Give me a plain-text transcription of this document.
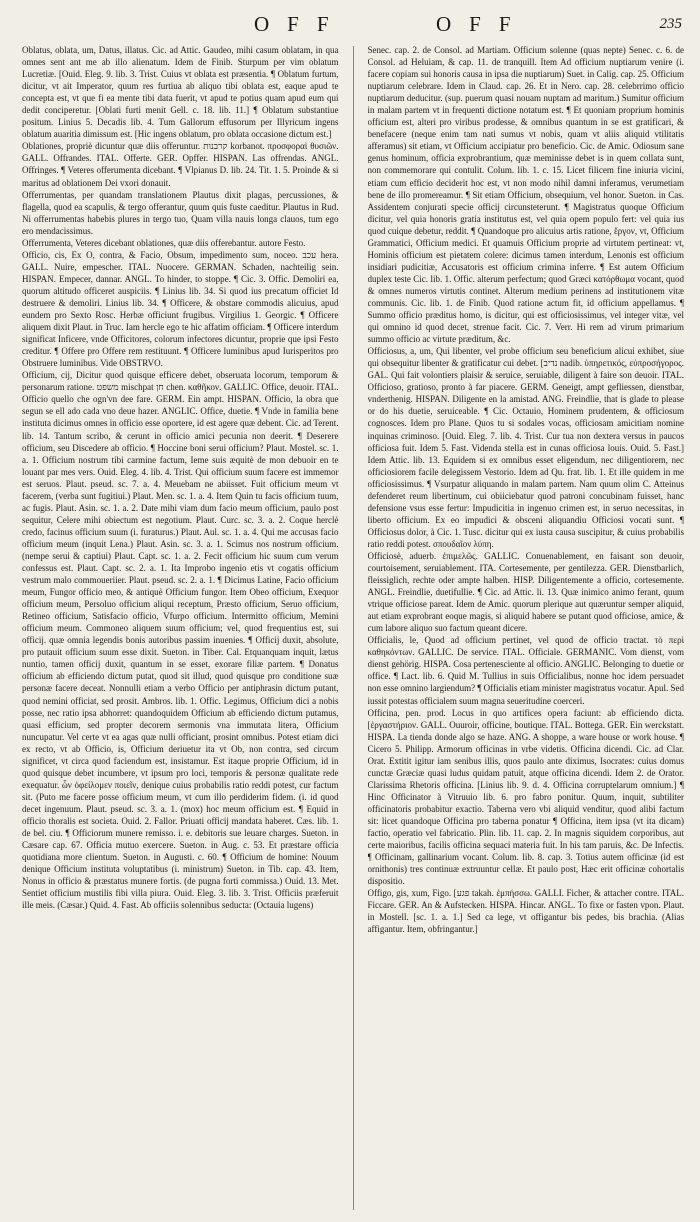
OFF	OFF	235

Oblatus, oblata, um, Datus, illatus. Cic. ad Attic. Gaudeo, mihi casum oblatam, in qua omnes sent ant me ab illo alienatum. Idem de Finib. Sturpum per vim oblatum Lucretiæ. [Ouid. Eleg. 9. lib. 3. Trist. Cuius vt oblata est præsentia. ¶ Oblatum furtum, dicitur, vt ait Imperator, quum res furtiua ab aliquo tibi oblata est, eaque apud te concepta est, vt que fi ea mente tibi data fuerit, vt apud te potius quam apud eum qui dedit conciperetur. [Oblati furti menit Gell. c. 18. lib. 11.] ¶ Oblatum substantiue positum. Linius 5. Decadis lib. 4. Tum Gallorum effusorum per Illyricum ingens oblatum auaritia dimissum est. [Hic ingens oblatum, pro oblata occasione dictum est.]

Oblationes, propriè dicuntur quæ diis offeruntur. קרבנות korbanot. προσφοραὶ θυσιῶν. GALL. Offrandes. ITAL. Offerte. GER. Opffer. HISPAN. Las offrendas. ANGL. Offringes. ¶ Veteres offerumenta dicebant. ¶ Vlpianus D. lib. 24. Tit. 1. 5. Proinde & si maritus ad oblationem Dei vxori donauit.

Offerrumentas, per quandam translationem Plautus dixit plagas, percussiones, & flagella, quod ea scapulis, & tergo offerantur, quum quis fuste caeditur. Plautus in Rud. Ni offerrumentas habebis plures in tergo tuo, Quam villa nauis longa clauos, tum ego ero mendacissimus.

Offerrumenta, Veteres dicebant oblationes, quæ diis offerebantur. autore Festo.

Officio, cis, Ex O, contra, & Facio, Obsum, impedimento sum, noceo. עכב hera. GALL. Nuire, empescher. ITAL. Nuocere. GERMAN. Schaden, nachteilig sein. HISPAN. Empecer, dannar. ANGL. To hinder, to stoppe. ¶ Cic. 3. Offic. Demoliri ea, quorum altitudo officeret auspiciis. ¶ Linius lib. 34. Si quod ius precatum officiet Id destruere & demoliri. Linius lib. 34. ¶ Officere, & obstare commodis alicuius, apud eundem pro Sexto Rosc. Herbæ officiunt frugibus. Virgilius 1. Georgic. ¶ Officere aliquem dixit Plaut. in Truc. Iam hercle ego te hic affatim officiam. ¶ Officere interdum significat Inficere, vnde Officitores, colorum infectores dicuntur, proprie que ipsi Festo creditur. ¶ Offere pro Offere rem restituunt. ¶ Officere luminibus apud Iurisperitos pro Obstruere luminibus. Vide OBSTRVO.

Officium, cij, Dicitur quod quisque efficere debet, obseruata locorum, temporum & personarum ratione. משפט mischpat חן chen. καθῆκον. GALLIC. Office, deuoir. ITAL. Officio quello che ogn'vn dee fare. GERM. Ein ampt. HISPAN. Officio, la obra que segun se ell ado cada vno deue hazer. ANGLIC. Office, duetie. ¶ Vnde in familia bene instituta dicimus omnes in officio esse oportere, id est agere quæ debent. Cic. ad Terent. lib. 14. Tantum scribo, & cerunt in officio amici pecunia non deerit. ¶ Deserere officium, seu Discedere ab officio. ¶ Hoccine boni serui officium? Plaut. Mostel. sc. 1. a. 1. Officium nostrum tibi carmine factum, Ieme suis æquitè de mon debuoir en te louant par mes vers. Ouid. Eleg. 4. lib. 4. Trist. Qui officium suum facere est immemor est seruos. Plaut. pseud. sc. 7. a. 4. Meuebam ne abiisset. Fuit officium meum vt facerem, (verba sunt fugitiui.) Plaut. Men. sc. 1. a. 4. Item Quin tu facis officium tuum, ac fugis. Plaut. Asin. sc. 1. a. 2. Date mihi viam dum facio meum officium, paulo post sequitur, Celere mihi obiectum est negotium. Plaut. Curc. sc. 3. a. 2. Coque herclè credo, facinus officium suum (i. furaturus.) Plaut. Aul. sc. 1. a. 4. Qui me accusas facio officium meum (inquit Lena.) Plaut. Asin. sc. 3. a. 1. Scimus nos nostrum officium. (nempe serui & captiui) Plaut. Capt. sc. 1. a. 2. Fecit officium hic suum cum verum confessus est. Plaut. Capt. sc. 2. a. 1. Ita Improbo ingenio etis vt cogatis officium vestrum malo commoueriier. Plaut. pseud. sc. 2. a. 1. ¶ Dicimus Latine, Facio officium meum, Fungor officio meo, & antiquè Officium fungor. Item Obeo officium, Exequor officium meum, Persoluo officium aliqui receptum, Præsto officium, Seruo officium, Retineo officium, Satisfacio officio, Vfurpo officium. Intermitto officium, Memini officium meum. Commoneo aliquem suum officium; vel, quod frequentius est, sui officij. quæ omnia legendis bonis autoribus passim inuenies. ¶ Officij duxit, absolute, pro putauit officium suum esse dixit. Sueton. in Tiber. Cal. Etquanquam inquit, lætus nuntio, tamen officij duxit, quantum in se esset, exorare filiæ partem. ¶ Donatus officium ab efficiendo dictum putat, quod sit illud, quod quisque pro conditione suæ personæ facere deceat. Nonnulli etiam a verbo Officio per antiphrasin dictum putant, quod nemini officiat, sed prosit. Ambros. lib. 1. Offic. Legimus, Officium dici a nobis posse, nec ratio ipsa abhorret: quandoquidem Officium ab efficiendo dictum putamus, quasi efficium, sed propter decorem sermonis vna immutata litera, Officium nuncupatur. Vel certe vt ea agas quæ nulli officiant, prosint omnibus. Potest etiam dici ex recto, vt ab Officio, is, Officium deriuetur ita vt Ob, non contra, sed circum significet, vt circa quod faciendum est, insistamur. Est itaque proprie Officium, id in quod quisque debet incumbere, vt ipsum pro loci, temporis & personæ qualitate rede exequatur. ὧν ὀφείλομεν ποιεῖν, denique cuius probabilis ratio reddi potest, cur factum sit. (Puto me facere posse officium meum, vt cum illo perdiderim fidem. (i. id quod decet ingenuum. Plaut. pseud. sc. 3. a. 1. (mox) hoc meum officium est. ¶ Equid in officio thoralis est societa. Ouid. 2. Fallor. Priuati officij mandata haberet. Cæs. lib. 1. de bel. ciu. ¶ Officiorum munere remisso. i. e. debitoris sue leuare charges. Sueton. in Cæsare cap. 67. Officia mutuo exercere. Sueton. in Aug. c. 53. Et præstare officia quotidiana more clientum. Sueton. in Augusti. c. 60. ¶ Officium de homine: Nouum denique Officium instituta voluptatibus (i. ministrum) Sueton. in Tib. cap. 43. Item, Nonus in officio & præstatus munere fortis. (de pugna forti commissa.) Ouid. 13. Met. Sentiet officium mustilis fibi villa piura. Ouid. Eleg. 3. lib. 3. Trist. Officiis præferuit ille meis. (Cæsar.) Quid. 4. Fast. Ab officiis solennibus seducta: (Octauia lugens)

Senec. cap. 2. de Consol. ad Martiam. Officium solenne (quas nepte) Senec. c. 6. de Consol. ad Heluiam, & cap. 11. de tranquill. Item Ad officium nuptiarum venire (i. facere copiam sui honoris causa in ipsa die nuptiarum) Suet. in Calig. cap. 25. Officium nuptiarum celebrare. Idem in Claud. cap. 26. Et in Nero. cap. 28. celebrrimo officio nuptiarum deducitur. (sup. puerum quasi nouam nuptam ad maritum.) Sumitur officium in malam partem vt in frequenti dictione notatum est. ¶ Et quoniam proprium hominis officium est, alteri pro viribus prodesse, & omnibus quantum in se est gratificari, & benefacere (neque enim tam nati sumus vt nobis, quam vt aliis aliquid vtilitatis afferamus) sit etiam, vt Officium accipiatur pro beneficio. Cic. de Amic. Odiosum sane genus hominum, officia exprobrantium, quæ meminisse debet is in quem collata sunt, non commemorare qui contulit. Colum. lib. 1. c. 15. Licet filicem fine iniuria vicini, etiam cum efficio deciderit hoc est, vt non modo nihil damni inferamus, verumetiam bene de illo promereamur. ¶ Sit etiam Officium, obsequium, vel honor. Sueton. in Cas. Assidentem conjurati specie officij circunsteterunt. ¶ Magistratus quoque Officium dicitur, vel quia honoris gratia institutus est, vel quia opem populo fert: vel quia ius quod cuique debetur, reddit. ¶ Quandoque pro alicuius artis ratione, ἔργον, vt, Officium Grammatici, Officium medici. Et quamuis Officium proprie ad virtutem pertineat: vt, Hominis officium est pietatem colere: dicimus tamen interdum, Lenonis est officium insidiari pudicitiæ, Accusatoris est officium crimina inferre. ¶ Est autem Officium duplex teste Cic. lib. 1. Offic. alterum perfectum; quod Græci κατόρθωμα vocant, quod & omnes numeros virtutis continet. Alterum medium perinens ad institutionem vitæ communis. Cic. lib. 1. de Finib. Quod ratione actum fit, id officium appellamus. ¶ Summo officio præditus homo, is dicitur, qui est officiosissimus, vel integer vitæ, vel qui omnino id quod decet, strenue facit. Cic. 7. Verr. Hi rem ad virum primarium summo officio ac virtute præditum, &c.

Officiosus, a, um, Qui libenter, vel probe officium seu beneficium alicui exhibet, siue qui obsequitur libenter & gratificatur cui debet. [נדיב nadib. ὑπηρετικός, εὐπροσήγορος. GAL. Qui fait volontiers plaisir & seruice, seruiable, diligent à faire son deuoir. ITAL. Officioso, gratioso, pronto à far piacere. GERM. Geneigt, ampt gefliessen, dienstbar, vnderthenig. HISPAN. Diligente en la amistad. ANG. Freindlie, that is glade to please or do his duetie, seruiceable. ¶ Cic. Octauio, Hominem prudentem, & officiosum cognosces. Idem pro Plane. Quos tu si sodales vocas, officiosam amicitiam nomine inquinas criminoso. [Ouid. Eleg. 7. lib. 4. Trist. Cur tua non dextera versus in paucos officiosa fuit. Idem 5. Fast. Videnda stella est in cunas officiosa louis. Ouid. 5. Fast.] Idem Attic. lib. 13. Equidem si ex omnibus esset eligendum, nec diligentiorem, nec officiosiorem facile delegissem Vestorio. Idem ad Qu. frat. lib. 1. Et ille quidem in me officiosissimus. ¶ Vsurpatur aliquando in malam partem. Nam quum olim C. Atteinus defenderet reum libertinum, cui obiiciebatur quod patroni concubinam fuisset, hanc defensione vsus esse fertur: Impudicitia in ingenuo crimen est, in seruo necessitas, in liberto officium. Ex eo impudici & obsceni aliquandiu Officiosi vocati sunt. ¶ Officiosus dolor, à Cic. 1. Tusc. dicitur qui ex iusta causa suscipitur, & cuius probabilis ratio reddi potest. σπουδαῖον λύπη.

Officiosè, aduerb. ἐπιμελῶς. GALLIC. Conuenablement, en faisant son deuoir, courtoisement, seruiablement. ITA. Cortesemente, per gentilezza. GER. Dienstbarlich, fleissiglich, rechte oder ampte halben. HISP. Diligentemente a officio, cortesemente. ANGL. Freindlie, duetifullie. ¶ Cic. ad Attic. li. 13. Quæ inimico animo ferant, quum vtrique officiose pareat. Idem de Amic. quorum plerique aut quæruntur semper aliquid, aut etiam exprobrant eoque magis, si aliquid habere se putant quod officiose, amice, & cum labore aliquo suo factum queant dicere.

Officialis, le, Quod ad officium pertinet, vel quod de officio tractat. τὸ περὶ καθηκόντων. GALLIC. De service. ITAL. Officiale. GERMANIC. Vom dienst, vom dienst gehörig. HISPA. Cosa pertenesciente al officio. ANGLIC. Belonging to duetie or office. ¶ Lact. lib. 6. Quid M. Tullius in suis Officialibus, nonne hoc idem persuadet non esse omnino largiendum? ¶ Officialis etiam minister magistratus vocatur. Apul. Sed iussit potestas officialem suum magna seueritudine coerceri.

Officina, pen. prod. Locus in quo artifices opera faciunt: ab efficiendo dicta. [ἐργαστήριον. GALL. Ouuroir, officine, boutique. ITAL. Bottega. GER. Ein werckstatt. HISPA. La tienda donde algo se haze. ANG. A shoppe, a ware house or work house. ¶ Cicero 5. Philipp. Armorum officinas in vrbe videtis. Officina dicendi. Cic. ad Clar. Orat. Extitit igitur iam senibus illis, quos paulo ante diximus, Isocrates: cuius domus cunctæ Græciæ quasi ludus quidam patuit, atque officina dicendi. Idem 2. de Orator. Clarissima Rhetoris officina. [Linius lib. 9. d. 4. Officina corruptelarum omnium.] ¶ Hinc Officinator à Vitruuio lib. 6. pro fabro ponitur. Quum, inquit, subtiliter officinatoris probabitur exactio. Taberna vero vbi aliquid venditur, quod alibi factum sit: licet quandoque Officina pro taberna ponatur ¶ Officina, item ipsa (vt ita dicam) factio, operatio vel fabricatio. Plin. lib. 11. cap. 2. In magnis siquidem corporibus, aut certe maioribus, facilis officina sequaci materia fuit. In his tam paruis, &c. De Infectis. ¶ Officinam, gallinarium vocant. Colum. lib. 8. cap. 3. Totius autem officinæ (id est ornithonis) tres continuæ extruuntur cellæ. Et paulo post, Hæc erit officinæ cohortalis dispositio.

Offigo, gis, xum, Figo. [פגע takah. ἐμπήσσω. GALLI. Ficher, & attacher contre. ITAL. Ficcare. GER. An & Aufstecken. HISPA. Hincar. ANGL. To fixe or fasten vpon. Plaut. in Mostell. [sc. 1. a. 1.] Sed ca lege, vt offigantur bis pedes, bis brachia. (Alias affigantur. Item, obfringantur.]
